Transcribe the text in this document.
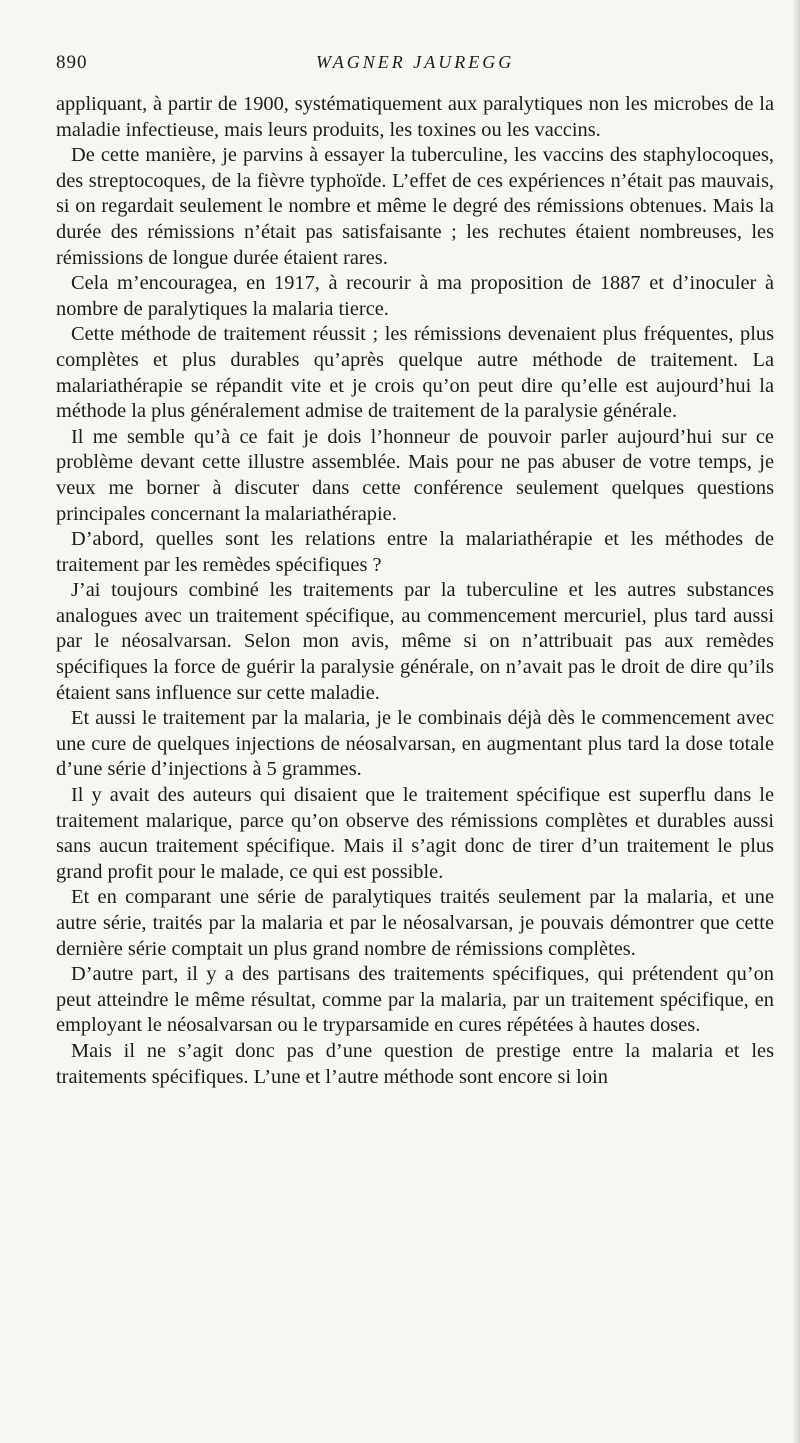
890	WAGNER JAUREGG

appliquant, à partir de 1900, systématiquement aux paralytiques non les microbes de la maladie infectieuse, mais leurs produits, les toxines ou les vaccins.

De cette manière, je parvins à essayer la tuberculine, les vaccins des staphylocoques, des streptocoques, de la fièvre typhoïde. L’effet de ces expériences n’était pas mauvais, si on regardait seulement le nombre et même le degré des rémissions obtenues. Mais la durée des rémissions n’était pas satisfaisante ; les rechutes étaient nombreuses, les rémissions de longue durée étaient rares.

Cela m’encouragea, en 1917, à recourir à ma proposition de 1887 et d’inoculer à nombre de paralytiques la malaria tierce.

Cette méthode de traitement réussit ; les rémissions devenaient plus fréquentes, plus complètes et plus durables qu’après quelque autre méthode de traitement. La malariathérapie se répandit vite et je crois qu’on peut dire qu’elle est aujourd’hui la méthode la plus généralement admise de traitement de la paralysie générale.

Il me semble qu’à ce fait je dois l’honneur de pouvoir parler aujourd’hui sur ce problème devant cette illustre assemblée. Mais pour ne pas abuser de votre temps, je veux me borner à discuter dans cette conférence seulement quelques questions principales concernant la malariathérapie.

D’abord, quelles sont les relations entre la malariathérapie et les méthodes de traitement par les remèdes spécifiques ?

J’ai toujours combiné les traitements par la tuberculine et les autres substances analogues avec un traitement spécifique, au commencement mercuriel, plus tard aussi par le néosalvarsan. Selon mon avis, même si on n’attribuait pas aux remèdes spécifiques la force de guérir la paralysie générale, on n’avait pas le droit de dire qu’ils étaient sans influence sur cette maladie.

Et aussi le traitement par la malaria, je le combinais déjà dès le commencement avec une cure de quelques injections de néosalvarsan, en augmentant plus tard la dose totale d’une série d’injections à 5 grammes.

Il y avait des auteurs qui disaient que le traitement spécifique est superflu dans le traitement malarique, parce qu’on observe des rémissions complètes et durables aussi sans aucun traitement spécifique. Mais il s’agit donc de tirer d’un traitement le plus grand profit pour le malade, ce qui est possible.

Et en comparant une série de paralytiques traités seulement par la malaria, et une autre série, traités par la malaria et par le néosalvarsan, je pouvais démontrer que cette dernière série comptait un plus grand nombre de rémissions complètes.

D’autre part, il y a des partisans des traitements spécifiques, qui prétendent qu’on peut atteindre le même résultat, comme par la malaria, par un traitement spécifique, en employant le néosalvarsan ou le tryparsamide en cures répétées à hautes doses.

Mais il ne s’agit donc pas d’une question de prestige entre la malaria et les traitements spécifiques. L’une et l’autre méthode sont encore si loin
